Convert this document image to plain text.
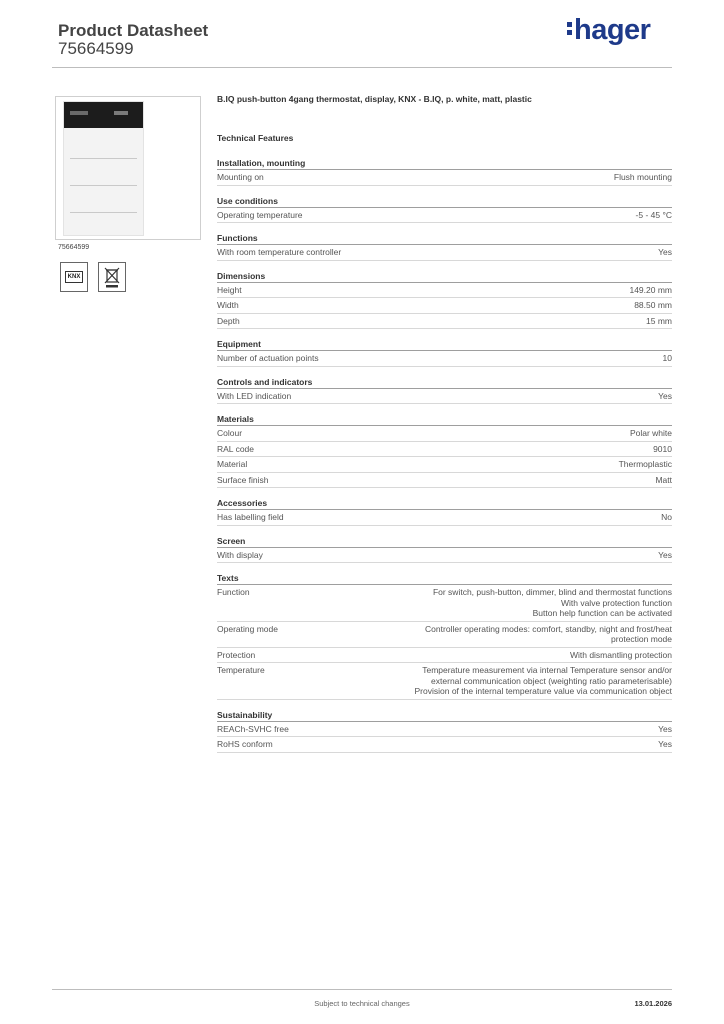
Product Datasheet
75664599
hager
75664599
KNX
B.IQ push-button 4gang thermostat, display, KNX - B.IQ, p. white, matt, plastic
Technical Features
Installation, mounting
Mounting on	Flush mounting
Use conditions
Operating temperature	-5 - 45 °C
Functions
With room temperature controller	Yes
Dimensions
Height	149.20 mm
Width	88.50 mm
Depth	15 mm
Equipment
Number of actuation points	10
Controls and indicators
With LED indication	Yes
Materials
Colour	Polar white
RAL code	9010
Material	Thermoplastic
Surface finish	Matt
Accessories
Has labelling field	No
Screen
With display	Yes
Texts
Function	For switch, push-button, dimmer, blind and thermostat functions
With valve protection function
Button help function can be activated
Operating mode	Controller operating modes: comfort, standby, night and frost/heat
protection mode
Protection	With dismantling protection
Temperature	Temperature measurement via internal Temperature sensor and/or
external communication object (weighting ratio parameterisable)
Provision of the internal temperature value via communication object
Sustainability
REACh-SVHC free	Yes
RoHS conform	Yes
Subject to technical changes	13.01.2026
